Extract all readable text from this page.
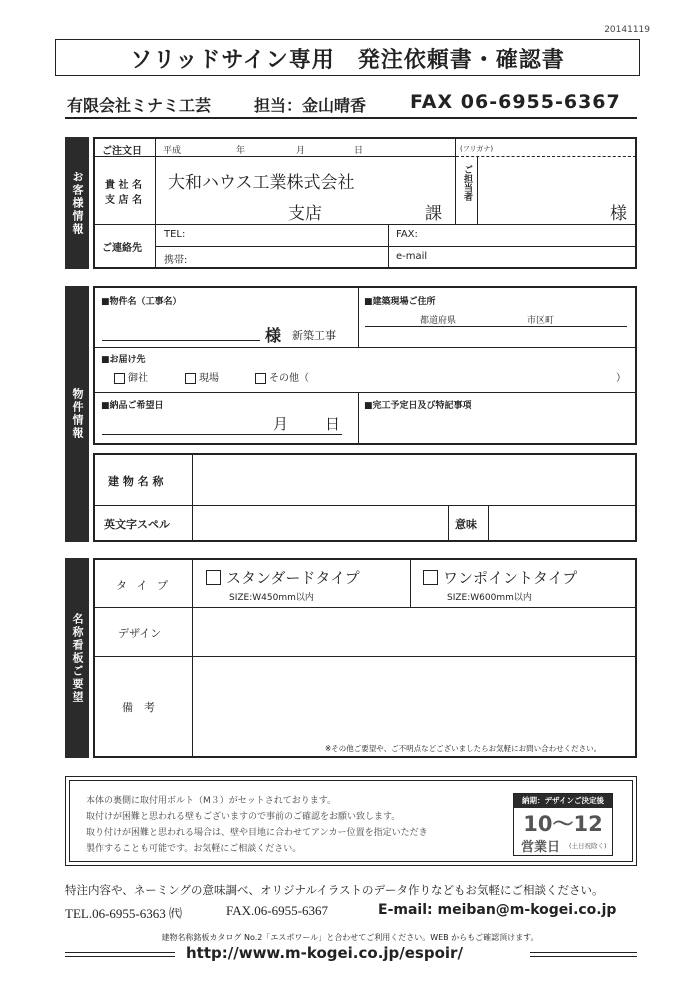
20141119
ソリッドサイン専用　発注依頼書・確認書
有限会社ミナミ工芸	担当：金山晴香 FAX 06-6955-6367
お客様情報
ご注文日 平成	年	月	日	(フリガナ)
貴 社 名
支 店 名
大和ハウス工業株式会社
支店	課
ご担当者
様
ご連絡先
TEL:	FAX:
携帯:	e-mail
物件情報
■物件名（工事名）
様 新築工事
■建築現場ご住所
都道府県	市区町
■お届け先
御社	現場	その他（	）
■納品ご希望日
月 日
■完工予定日及び特記事項
建 物 名 称
英文字スペル	意味
名称看板ご要望
タ イ プ	スタンダードタイプ
SIZE:W450mm以内
ワンポイントタイプ
SIZE:W600mm以内
デザイン
備　考
※その他ご要望や、ご不明点などございましたらお気軽にお問い合わせください。
本体の裏側に取付用ボルト（M３）がセットされております。
取付けが困難と思われる壁もございますので事前のご確認をお願い致します。
取り付けが困難と思われる場合は、壁や目地に合わせてアンカー位置を指定いただき
製作することも可能です。お気軽にご相談ください。
納期：デザインご決定後
10～12
営業日 (土日祝除く)
特注内容や、ネーミングの意味調べ、オリジナルイラストのデータ作りなどもお気軽にご相談ください。
TEL.06-6955-6363 ㈹	FAX.06-6955-6367	E-mail: meiban@m-kogei.co.jp
建物名称銘板カタログ No.2「エスポワール」と合わせてご利用ください。WEB からもご確認頂けます。
http://www.m-kogei.co.jp/espoir/
